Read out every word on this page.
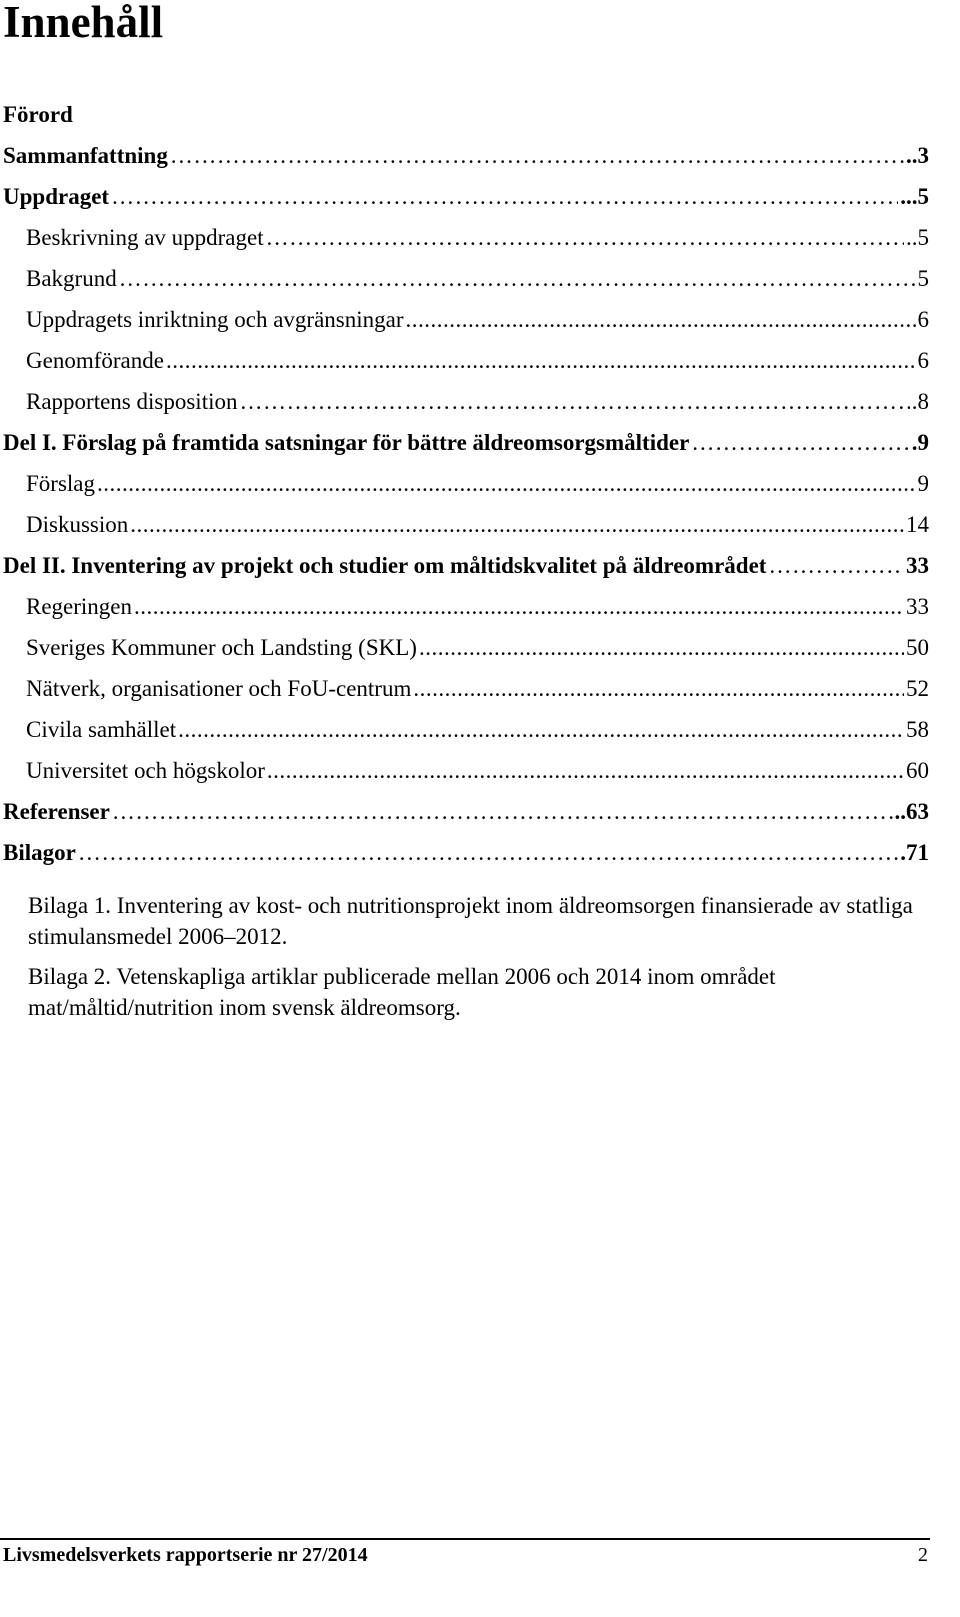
Innehåll
Förord
Sammanfattning ……………………………………………………………………………………………………………………………………………………………………………	..3
Uppdraget ……………………………………………………………………………………………………………………………………………………………………………	...5
Beskrivning av uppdraget ……………………………………………………………………………………………………………………………………………………………………………	..5
Bakgrund ……………………………………………………………………………………………………………………………………………………………………………	5
Uppdragets inriktning och avgränsningar .....	6
Genomförande .....	6
Rapportens disposition ……………………………………………………………………………………………………………………………………………………………………………	.8
Del I. Förslag på framtida satsningar för bättre äldreomsorgsmåltider ……………………………………………………………………………………………………………………………………………………………………………	.9
Förslag .....	9
Diskussion .....	14
Del II. Inventering av projekt och studier om måltidskvalitet på äldreområdet ……………………………………………………………………………………………………………………………………………………………………………	33
Regeringen .....	33
Sveriges Kommuner och Landsting (SKL) .....	50
Nätverk, organisationer och FoU-centrum .....	52
Civila samhället .....	58
Universitet och högskolor .....	60
Referenser ……………………………………………………………………………………………………………………………………………………………………………	..63
Bilagor ……………………………………………………………………………………………………………………………………………………………………………	.71

Bilaga 1. Inventering av kost- och nutritionsprojekt inom äldreomsorgen finansierade av statliga stimulansmedel 2006–2012.

Bilaga 2. Vetenskapliga artiklar publicerade mellan 2006 och 2014 inom området mat/måltid/nutrition inom svensk äldreomsorg.

Livsmedelsverkets rapportserie nr 27/2014	2
